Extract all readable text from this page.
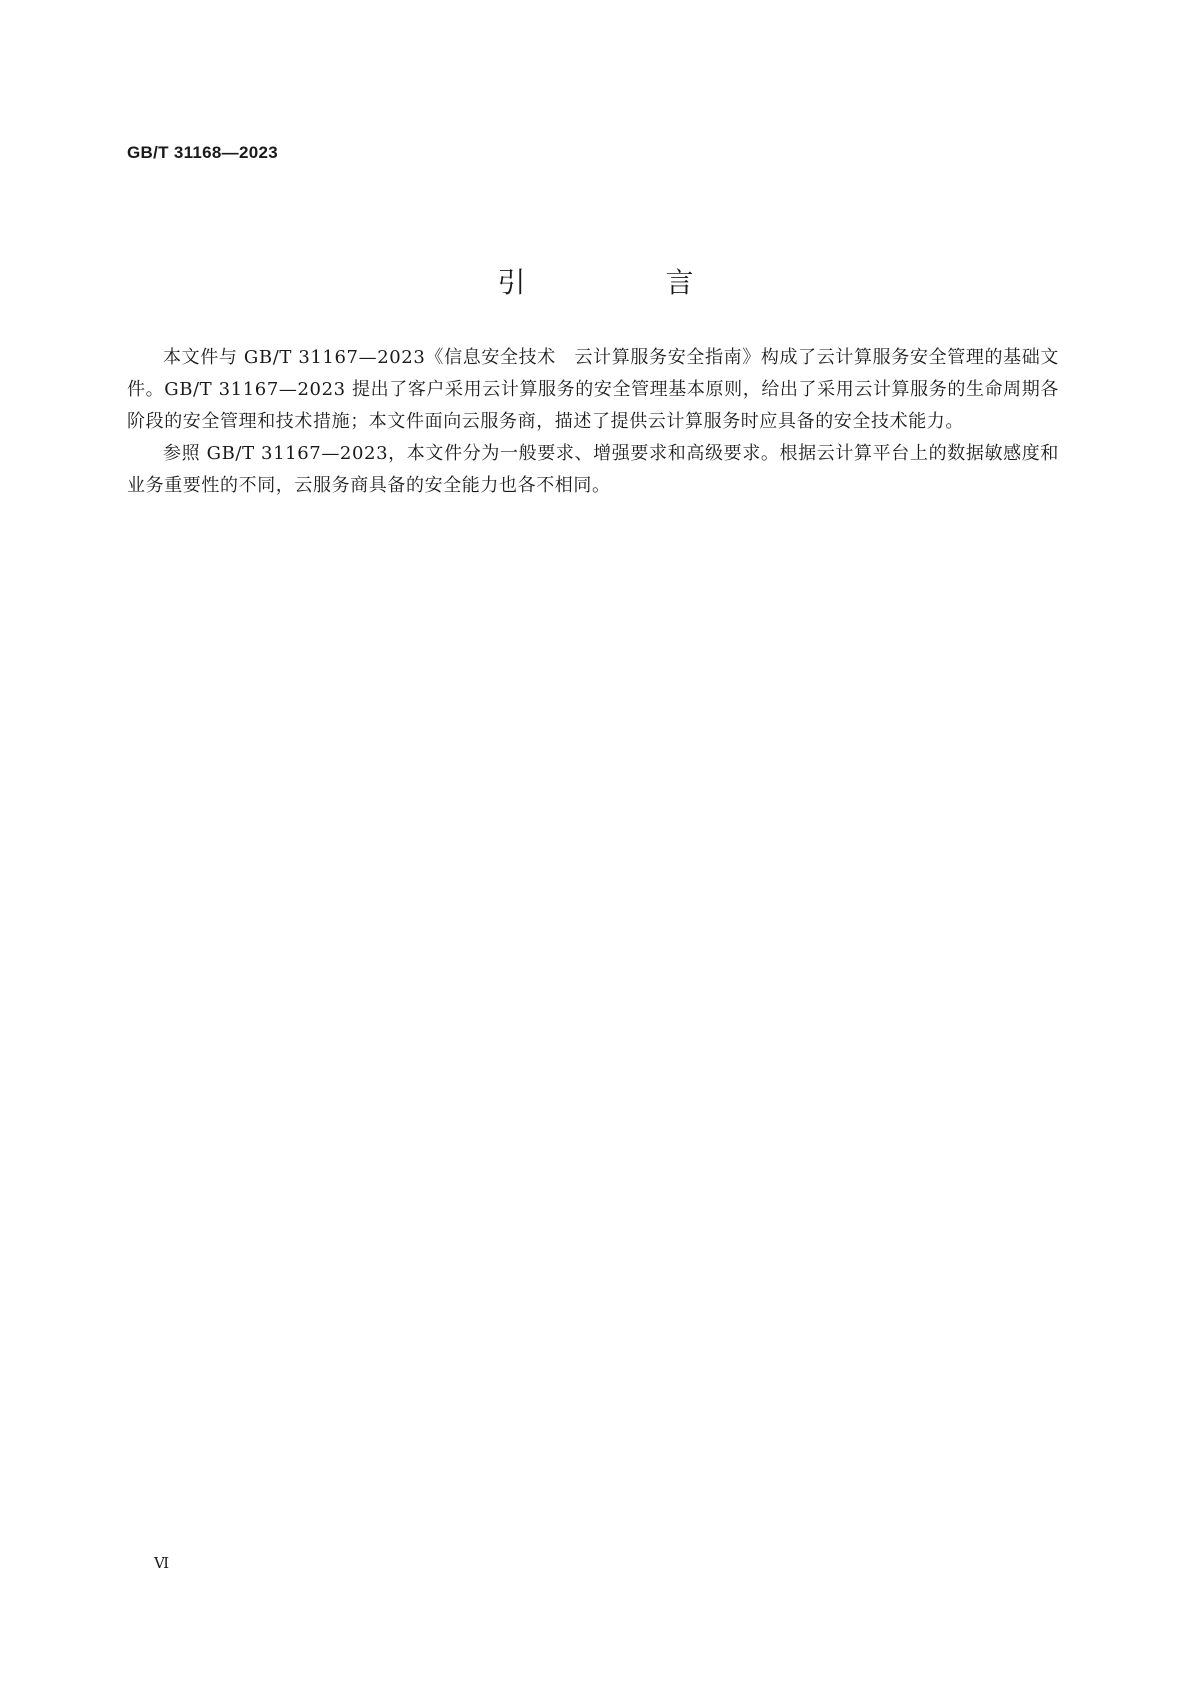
GB/T 31168—2023
引　言

本文件与 GB/T 31167—2023《信息安全技术　云计算服务安全指南》构成了云计算服务安全管理的基础文件。GB/T 31167—2023 提出了客户采用云计算服务的安全管理基本原则，给出了采用云计算服务的生命周期各阶段的安全管理和技术措施；本文件面向云服务商，描述了提供云计算服务时应具备的安全技术能力。

参照 GB/T 31167—2023，本文件分为一般要求、增强要求和高级要求。根据云计算平台上的数据敏感度和业务重要性的不同，云服务商具备的安全能力也各不相同。

Ⅵ
